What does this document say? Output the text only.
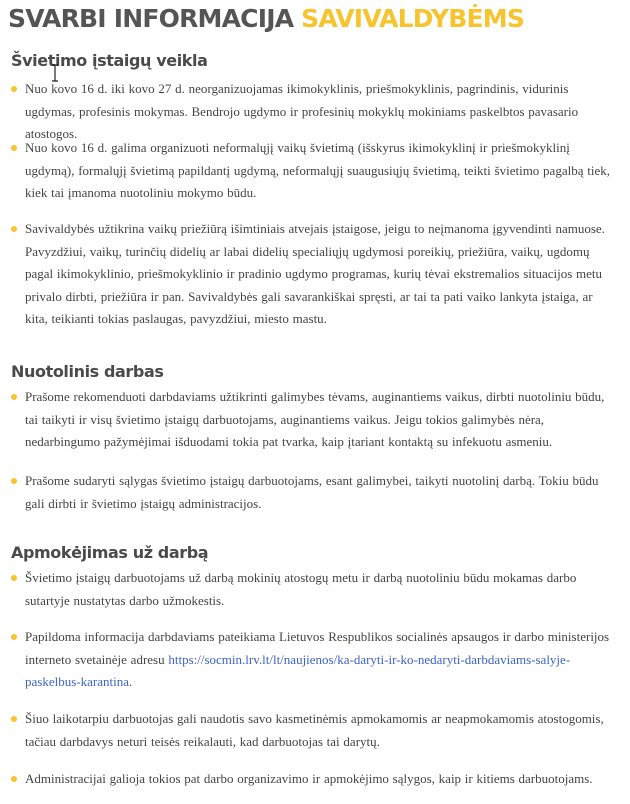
SVARBI INFORMACIJA SAVIVALDYBĖMS
Švietimo įstaigų veikla
Nuo kovo 16 d. iki kovo 27 d. neorganizuojamas ikimokyklinis, priešmokyklinis, pagrindinis, vidurinis ugdymas, profesinis mokymas. Bendrojo ugdymo ir profesinių mokyklų mokiniams paskelbtos pavasario atostogos.
Nuo kovo 16 d. galima organizuoti neformalųjį vaikų švietimą (išskyrus ikimokyklinį ir priešmokyklinį ugdymą), formalųjį švietimą papildantį ugdymą, neformalųjį suaugusiųjų švietimą, teikti švietimo pagalbą tiek, kiek tai įmanoma nuotoliniu mokymo būdu.
Savivaldybės užtikrina vaikų priežiūrą išimtiniais atvejais įstaigose, jeigu to neįmanoma įgyvendinti namuose. Pavyzdžiui, vaikų, turinčių didelių ar labai didelių specialiųjų ugdymosi poreikių, priežiūra, vaikų, ugdomų pagal ikimokyklinio, priešmokyklinio ir pradinio ugdymo programas, kurių tėvai ekstremalios situacijos metu privalo dirbti, priežiūra ir pan. Savivaldybės gali savarankiškai spręsti, ar tai ta pati vaiko lankyta įstaiga, ar kita, teikianti tokias paslaugas, pavyzdžiui, miesto mastu.
Nuotolinis darbas
Prašome rekomenduoti darbdaviams užtikrinti galimybes tėvams, auginantiems vaikus, dirbti nuotoliniu būdu, tai taikyti ir visų švietimo įstaigų darbuotojams, auginantiems vaikus. Jeigu tokios galimybės nėra, nedarbingumo pažymėjimai išduodami tokia pat tvarka, kaip įtariant kontaktą su infekuotu asmeniu.
Prašome sudaryti sąlygas švietimo įstaigų darbuotojams, esant galimybei, taikyti nuotolinį darbą. Tokiu būdu gali dirbti ir švietimo įstaigų administracijos.
Apmokėjimas už darbą
Švietimo įstaigų darbuotojams už darbą mokinių atostogų metu ir darbą nuotoliniu būdu mokamas darbo sutartyje nustatytas darbo užmokestis.
Papildoma informacija darbdaviams pateikiama Lietuvos Respublikos socialinės apsaugos ir darbo ministerijos interneto svetainėje adresu https://socmin.lrv.lt/lt/naujienos/ka-daryti-ir-ko-nedaryti-darbdaviams-salyje-paskelbus-karantina.
Šiuo laikotarpiu darbuotojas gali naudotis savo kasmetinėmis apmokamomis ar neapmokamomis atostogomis, tačiau darbdavys neturi teisės reikalauti, kad darbuotojas tai darytų.
Administracijai galioja tokios pat darbo organizavimo ir apmokėjimo sąlygos, kaip ir kitiems darbuotojams.
